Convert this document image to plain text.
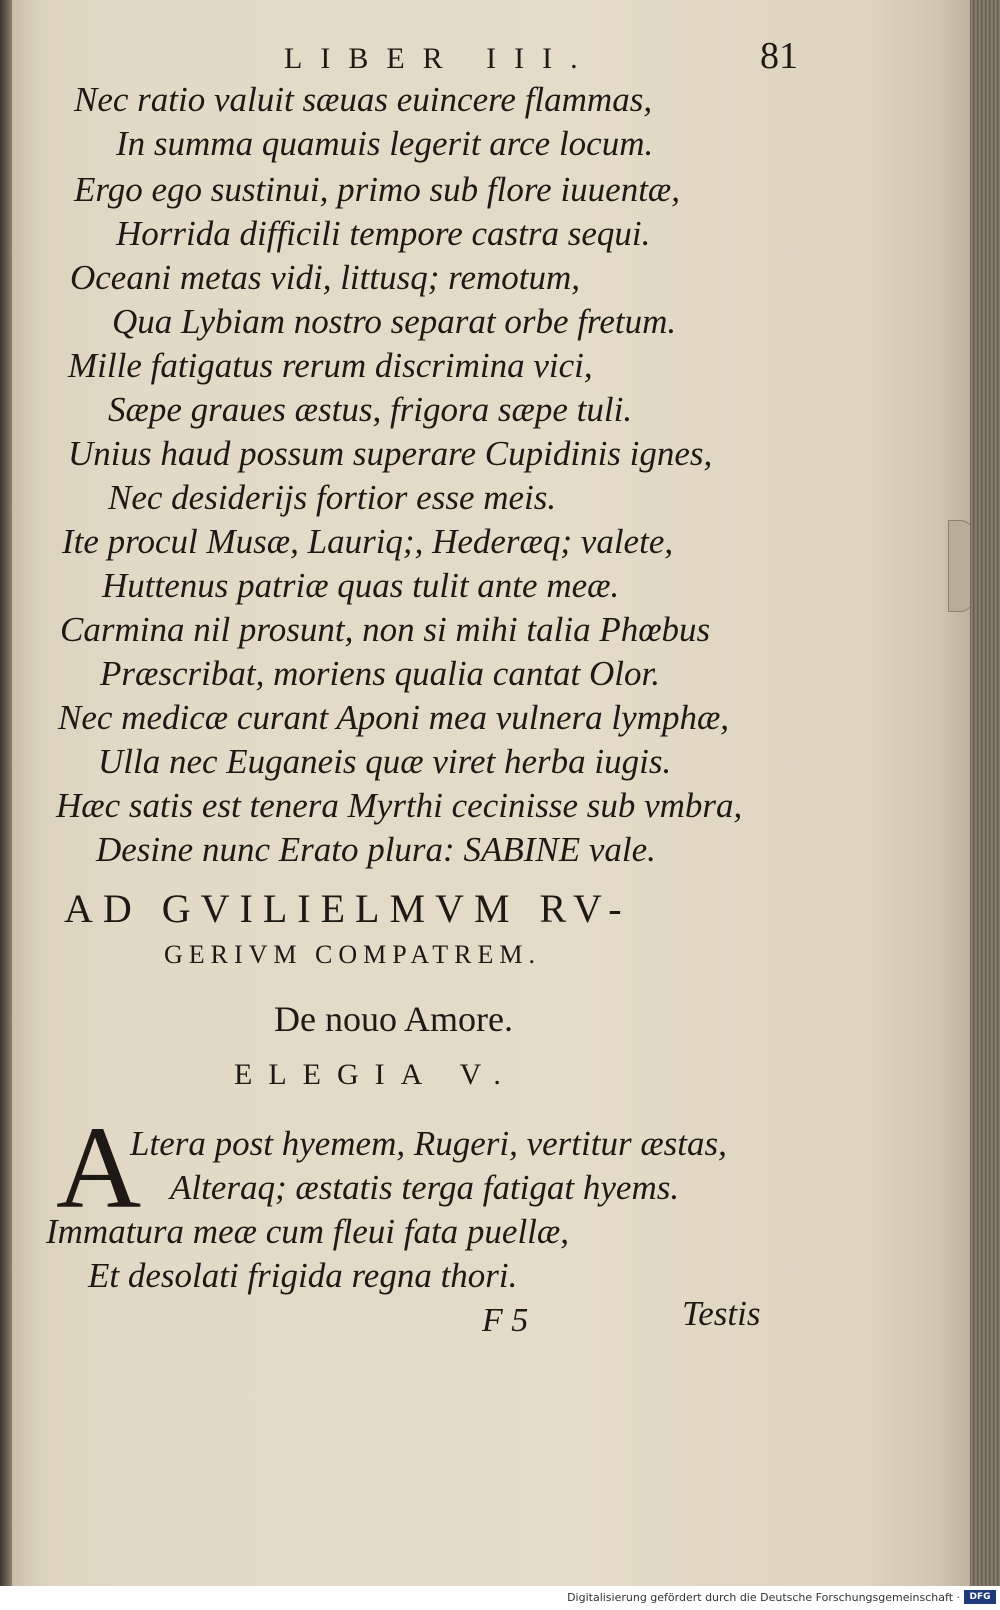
LIBER III.	81
Nec ratio valuit sæuas euincere flammas,
In summa quamuis legerit arce locum.
Ergo ego sustinui, primo sub flore iuuentæ,
Horrida difficili tempore castra sequi.
Oceani metas vidi, littusq; remotum,
Qua Lybiam nostro separat orbe fretum.
Mille fatigatus rerum discrimina vici,
Sæpe graues æstus, frigora sæpe tuli.
Unius haud possum superare Cupidinis ignes,
Nec desiderijs fortior esse meis.
Ite procul Musæ, Lauriq;, Hederæq; valete,
Huttenus patriæ quas tulit ante meæ.
Carmina nil prosunt, non si mihi talia Phœbus
Præscribat, moriens qualia cantat Olor.
Nec medicæ curant Aponi mea vulnera lymphæ,
Ulla nec Euganeis quæ viret herba iugis.
Hæc satis est tenera Myrthi cecinisse sub vmbra,
Desine nunc Erato plura: SABINE vale.
AD GVILIELMVM RV-
GERIVM COMPATREM.
De nouo Amore.
ELEGIA V.
A
Ltera post hyemem, Rugeri, vertitur æstas,
Alteraq; æstatis terga fatigat hyems.
Immatura meæ cum fleui fata puellæ,
Et desolati frigida regna thori.
F 5	Testis
Digitalisierung gefördert durch die Deutsche Forschungsgemeinschaft ·	DFG
